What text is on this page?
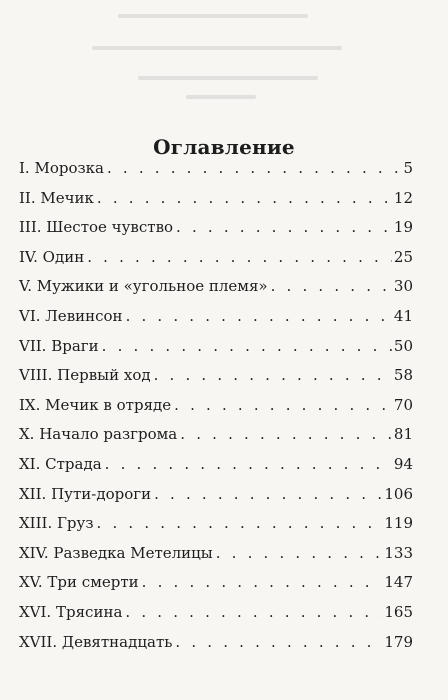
Оглавление
I. Морозка . . .	5
II. Мечик . . .	12
III. Шестое чувство . . .	19
IV. Один . . .	25
V. Мужики и «угольное племя» . . .	30
VI. Левинсон . . .	41
VII. Враги . . .	50
VIII. Первый ход . . .	58
IX. Мечик в отряде . . .	70
X. Начало разгрома . . .	81
XI. Страда . . .	94
XII. Пути-дороги . . .	106
XIII. Груз . . .	119
XIV. Разведка Метелицы . . .	133
XV. Три смерти . . .	147
XVI. Трясина . . .	165
XVII. Девятнадцать . . .	179
